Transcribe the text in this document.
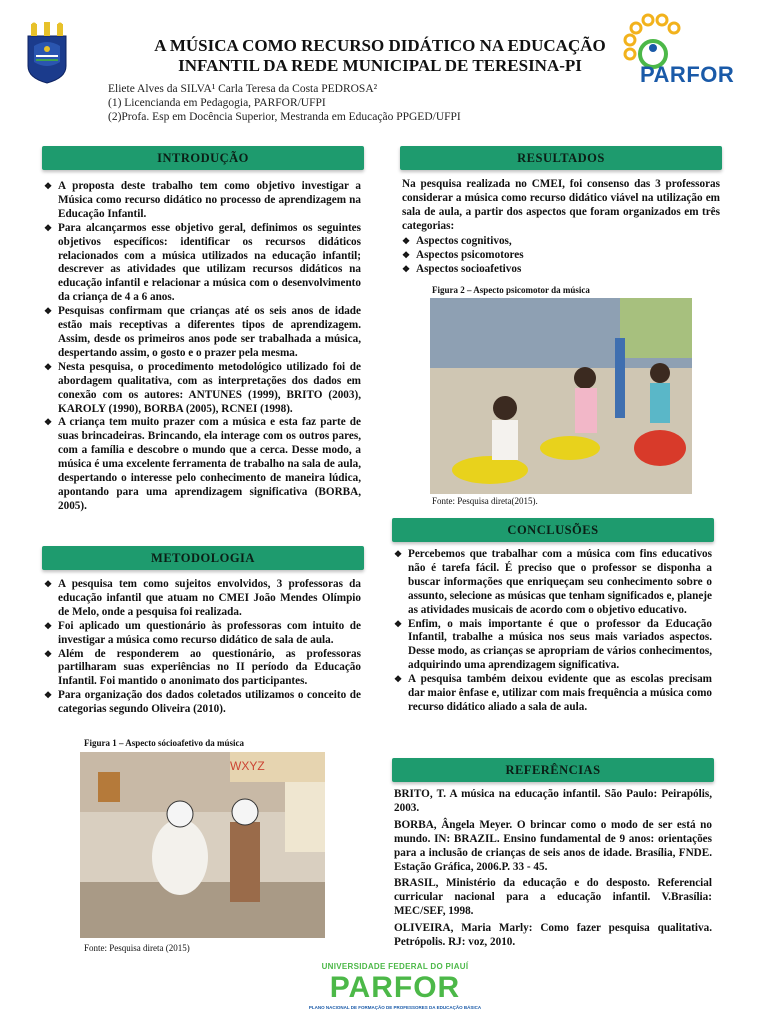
A MÚSICA COMO RECURSO DIDÁTICO NA EDUCAÇÃO
INFANTIL DA REDE MUNICIPAL DE TERESINA-PI
Eliete Alves da SILVA¹ Carla Teresa da Costa PEDROSA²
(1) Licencianda em Pedagogia, PARFOR/UFPI
(2)Profa. Esp em Docência Superior, Mestranda em Educação PPGED/UFPI
PARFOR
INTRODUÇÃO
❖ A proposta deste trabalho tem como objetivo investigar a Música como recurso didático no processo de aprendizagem na Educação Infantil.
❖ Para alcançarmos esse objetivo geral, definimos os seguintes objetivos específicos: identificar os recursos didáticos relacionados com a música utilizados na educação infantil; descrever as atividades que utilizam recursos didáticos na educação infantil e relacionar a música com o desenvolvimento da criança de 4 a 6 anos.
❖ Pesquisas confirmam que crianças até os seis anos de idade estão mais receptivas a diferentes tipos de aprendizagem. Assim, desde os primeiros anos pode ser trabalhada a música, despertando assim, o gosto e o prazer pela mesma.
❖ Nesta pesquisa, o procedimento metodológico utilizado foi de abordagem qualitativa, com as interpretações dos dados em conexão com os autores: ANTUNES (1999), BRITO (2003), KAROLY (1990), BORBA (2005), RCNEI (1998).
❖ A criança tem muito prazer com a música e esta faz parte de suas brincadeiras. Brincando, ela interage com os outros pares, com a família e descobre o mundo que a cerca. Desse modo, a música é uma excelente ferramenta de trabalho na sala de aula, despertando o interesse pelo conhecimento de maneira lúdica, apontando para uma aprendizagem significativa (BORBA, 2005).
METODOLOGIA
❖ A pesquisa tem como sujeitos envolvidos, 3 professoras da educação infantil que atuam no CMEI João Mendes Olímpio de Melo, onde a pesquisa foi realizada.
❖ Foi aplicado um questionário às professoras com intuito de investigar a música como recurso didático de sala de aula.
❖ Além de responderem ao questionário, as professoras partilharam suas experiências no II período da Educação Infantil. Foi mantido o anonimato dos participantes.
❖ Para organização dos dados coletados utilizamos o conceito de categorias segundo Oliveira (2010).
Figura 1 – Aspecto sócioafetivo da música
WXYZ
Fonte: Pesquisa direta (2015)
RESULTADOS
Na pesquisa realizada no CMEI, foi consenso das 3 professoras considerar a música como recurso didático viável na utilização em sala de aula, a partir dos aspectos que foram organizados em três categorias:
❖ Aspectos cognitivos,
❖ Aspectos psicomotores
❖ Aspectos socioafetivos
Figura 2 – Aspecto psicomotor da música
Fonte: Pesquisa direta(2015).
CONCLUSÕES
❖ Percebemos que trabalhar com a música com fins educativos não é tarefa fácil. É preciso que o professor se disponha a buscar informações que enriqueçam seu conhecimento sobre o assunto, selecione as músicas que tenham significados e, planeje as atividades musicais de acordo com o objetivo educativo.
❖ Enfim, o mais importante é que o professor da Educação Infantil, trabalhe a música nos seus mais variados aspectos. Desse modo, as crianças se apropriam de vários conhecimentos, adquirindo uma aprendizagem significativa.
❖ A pesquisa também deixou evidente que as escolas precisam dar maior ênfase e, utilizar com mais frequência a música como recurso didático aliado a sala de aula.
REFERÊNCIAS

BRITO, T. A música na educação infantil. São Paulo: Peirapólis, 2003.

BORBA, Ângela Meyer. O brincar como o modo de ser está no mundo. IN: BRAZIL. Ensino fundamental de 9 anos: orientações para a inclusão de crianças de seis anos de idade. Brasília, FNDE. Estação Gráfica, 2006.P. 33 - 45.

BRASIL, Ministério da educação e do desposto. Referencial curricular nacional para a educação infantil. V.Brasília: MEC/SEF, 1998.

OLIVEIRA, Maria Marly: Como fazer pesquisa qualitativa. Petrópolis. RJ: voz, 2010.

UNIVERSIDADE FEDERAL DO PIAUÍ
PARFOR
PLANO NACIONAL DE FORMAÇÃO DE PROFESSORES DA EDUCAÇÃO BÁSICA
